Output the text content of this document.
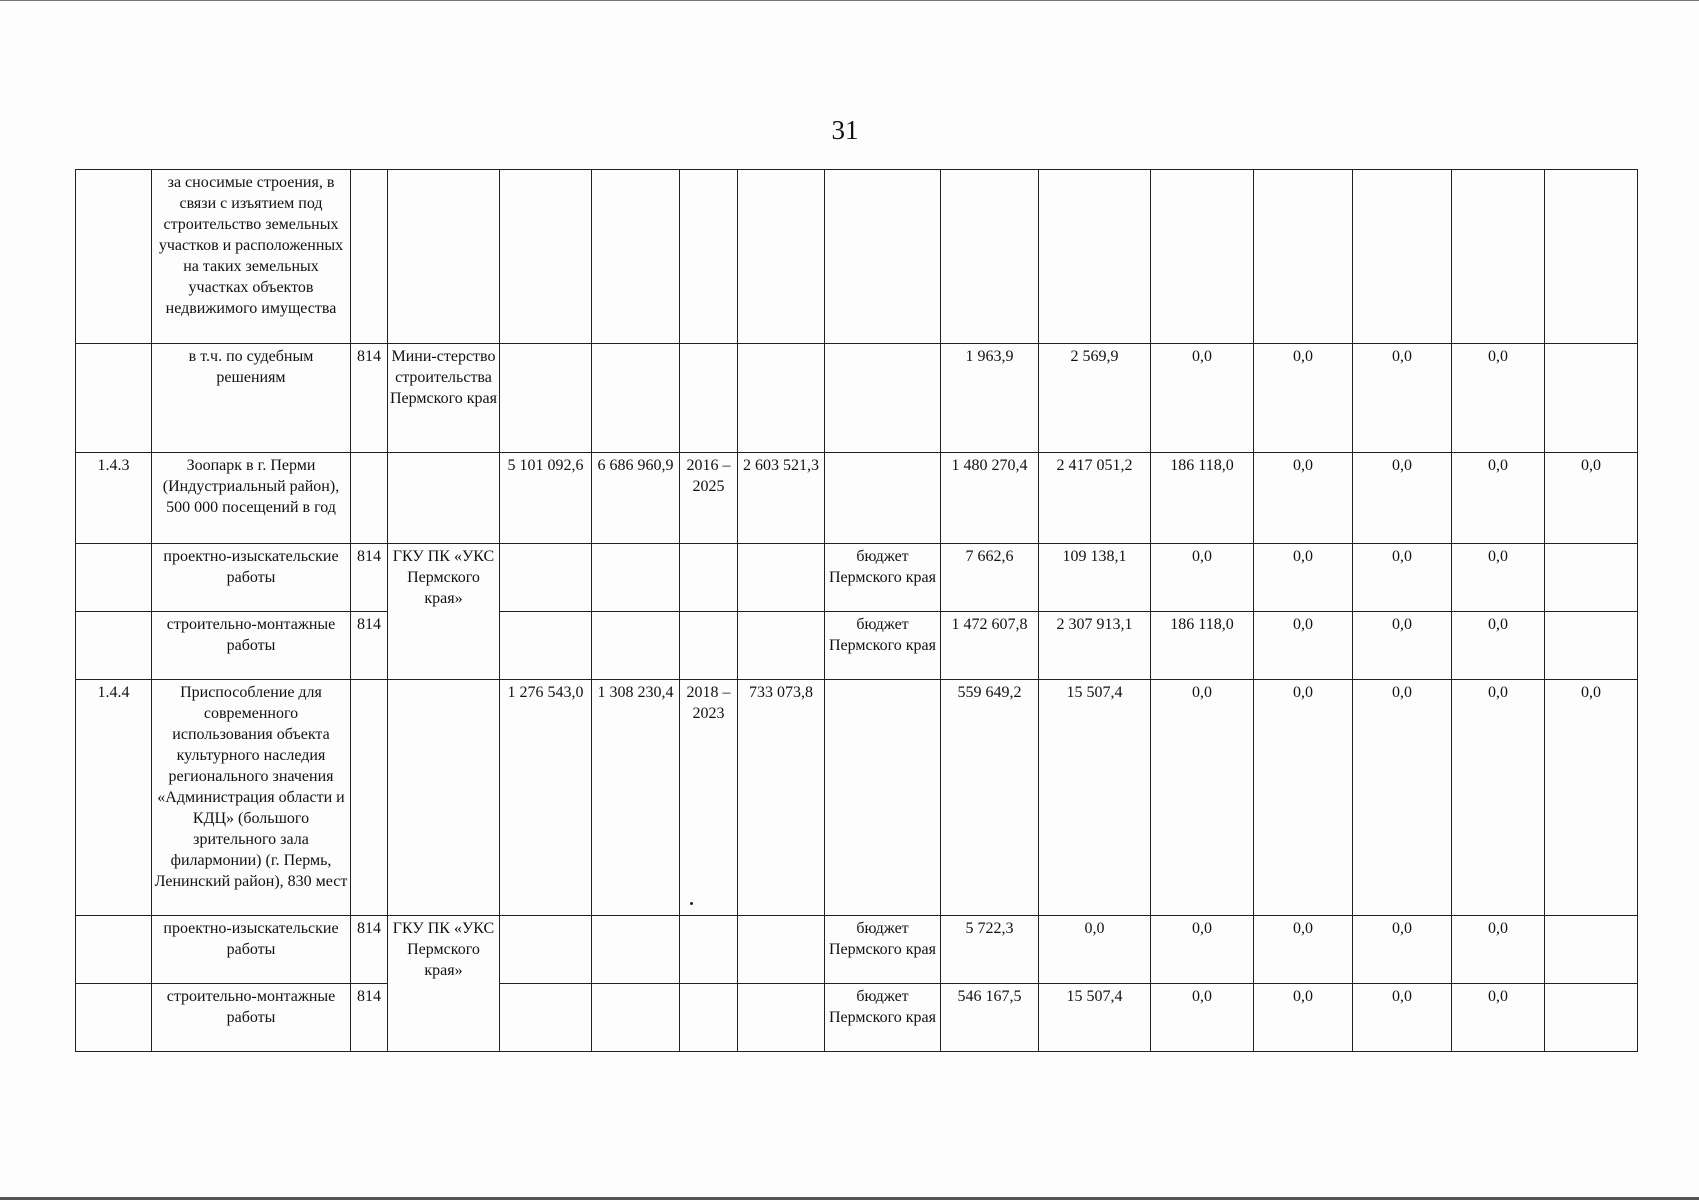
31
	за сносимые строения, в связи с изъятием под строительство земельных участков и расположенных на таких земельных участках объектов недвижимого имущества														
	в т.ч. по судебным решениям	814	Мини-стерство строительства Пермского края						1 963,9	2 569,9	0,0	0,0	0,0	0,0	
1.4.3	Зоопарк в г. Перми (Индустриальный район), 500 000 посещений в год			5 101 092,6	6 686 960,9	2016 – 2025	2 603 521,3		1 480 270,4	2 417 051,2	186 118,0	0,0	0,0	0,0	0,0
	проектно-изыскательские работы	814	ГКУ ПК «УКС Пермского края»					бюджет Пермского края	7 662,6	109 138,1	0,0	0,0	0,0	0,0	
	строительно-монтажные работы	814						бюджет Пермского края	1 472 607,8	2 307 913,1	186 118,0	0,0	0,0	0,0	
1.4.4	Приспособление для современного использования объекта культурного наследия регионального значения «Администрация области и КДЦ» (большого зрительного зала филармонии) (г. Пермь, Ленинский район), 830 мест			1 276 543,0	1 308 230,4	2018 – 2023	733 073,8		559 649,2	15 507,4	0,0	0,0	0,0	0,0	0,0
	проектно-изыскательские работы	814	ГКУ ПК «УКС Пермского края»					бюджет Пермского края	5 722,3	0,0	0,0	0,0	0,0	0,0	
	строительно-монтажные работы	814						бюджет Пермского края	546 167,5	15 507,4	0,0	0,0	0,0	0,0	
